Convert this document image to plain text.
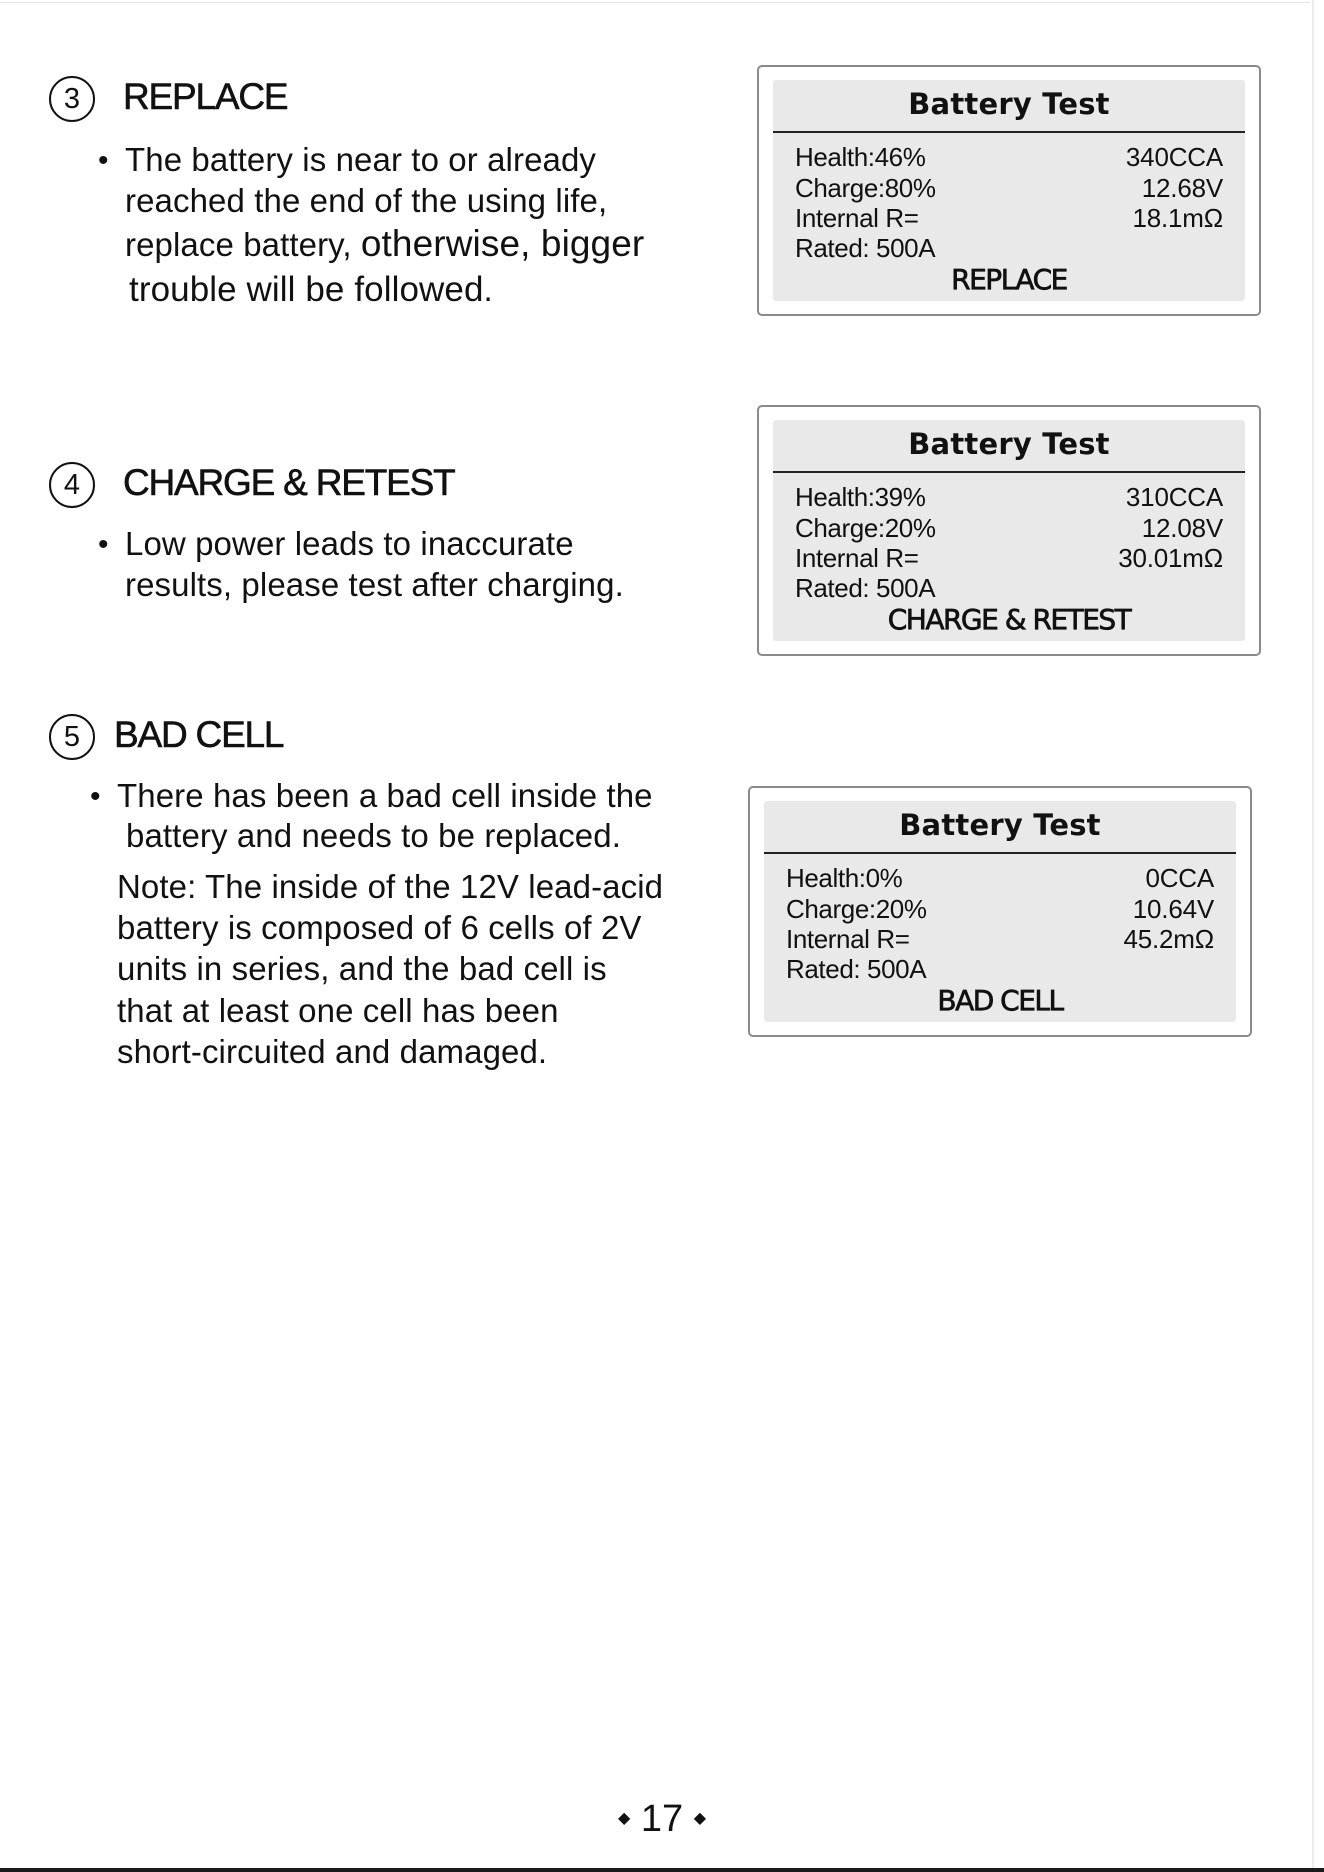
3	REPLACE
• The battery is near to or already
reached the end of the using life,
replace battery, otherwise, bigger
trouble will be followed.
Battery Test
Health:46%
Charge:80%
Internal R=
Rated: 500A
340CCA
12.68V
18.1mΩ
REPLACE
4	CHARGE & RETEST
• Low power leads to inaccurate
results, please test after charging.
Battery Test
Health:39%
Charge:20%
Internal R=
Rated: 500A
310CCA
12.08V
30.01mΩ
CHARGE & RETEST
5 BAD CELL
• There has been a bad cell inside the
battery and needs to be replaced.
Note: The inside of the 12V lead-acid
battery is composed of 6 cells of 2V
units in series, and the bad cell is
that at least one cell has been
short-circuited and damaged.
Battery Test
Health:0%
Charge:20%
Internal R=
Rated: 500A
0CCA
10.64V
45.2mΩ
BAD CELL
◆ 17 ◆
